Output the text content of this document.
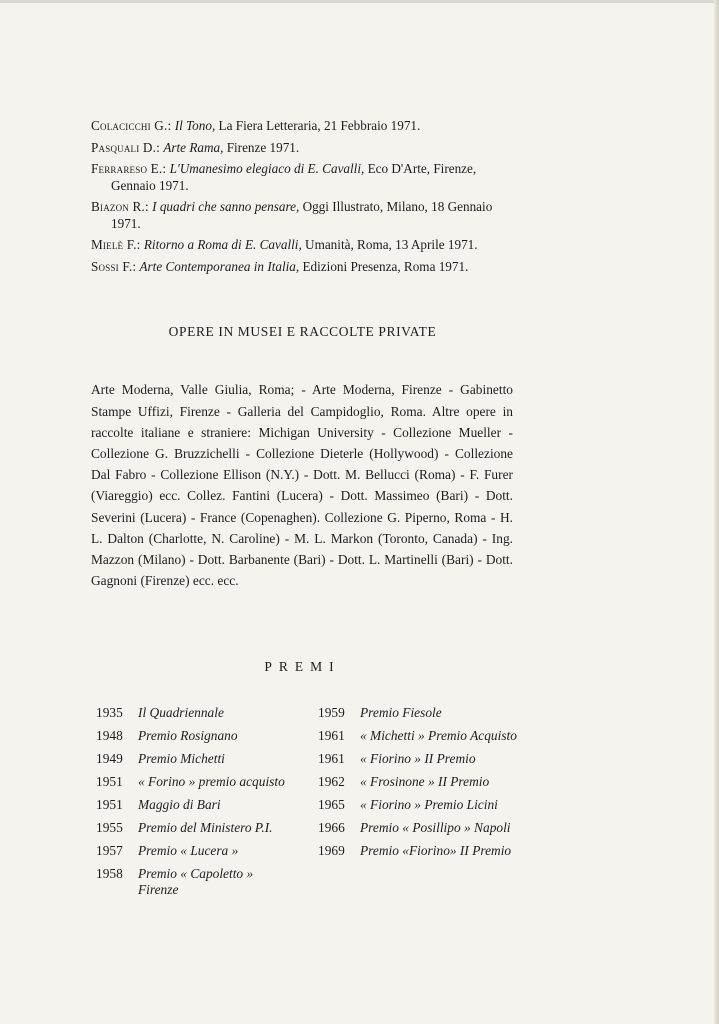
Colacicchi G.: Il Tono, La Fiera Letteraria, 21 Febbraio 1971.

Pasquali D.: Arte Rama, Firenze 1971.

Ferrareso E.: L'Umanesimo elegiaco di E. Cavalli, Eco D'Arte, Firenze, Gennaio 1971.

Biazon R.: I quadri che sanno pensare, Oggi Illustrato, Milano, 18 Gennaio 1971.

Mielè F.: Ritorno a Roma di E. Cavalli, Umanità, Roma, 13 Aprile 1971.

Sossi F.: Arte Contemporanea in Italia, Edizioni Presenza, Roma 1971.

OPERE IN MUSEI E RACCOLTE PRIVATE

Arte Moderna, Valle Giulia, Roma; - Arte Moderna, Firenze - Gabinetto Stampe Uffizi, Firenze - Galleria del Campidoglio, Roma. Altre opere in raccolte italiane e straniere: Michigan University - Collezione Mueller - Collezione G. Bruzzichelli - Collezione Dieterle (Hollywood) - Collezione Dal Fabro - Collezione Ellison (N.Y.) - Dott. M. Bellucci (Roma) - F. Furer (Viareggio) ecc. Collez. Fantini (Lucera) - Dott. Massimeo (Bari) - Dott. Severini (Lucera) - France (Copenaghen). Collezione G. Piperno, Roma - H. L. Dalton (Charlotte, N. Caroline) - M. L. Markon (Toronto, Canada) - Ing. Mazzon (Milano) - Dott. Barbanente (Bari) - Dott. L. Martinelli (Bari) - Dott. Gagnoni (Firenze) ecc. ecc.

PREMI
1935	Il Quadriennale
1948	Premio Rosignano
1949	Premio Michetti
1951	« Forino » premio acquisto
1951	Maggio di Bari
1955	Premio del Ministero P.I.
1957	Premio « Lucera »
1958	Premio « Capoletto » Firenze
1959	Premio Fiesole
1961	« Michetti » Premio Acquisto
1961	« Fiorino » II Premio
1962	« Frosinone » II Premio
1965	« Fiorino » Premio Licini
1966	Premio « Posillipo » Napoli
1969	Premio «Fiorino» II Premio
